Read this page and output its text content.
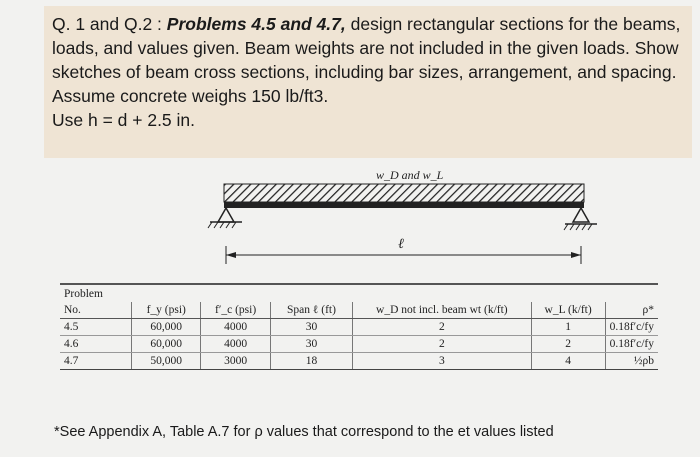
Q. 1 and Q.2 : Problems 4.5 and 4.7, design rectangular sections for the beams, loads, and values given. Beam weights are not included in the given loads. Show sketches of beam cross sections, including bar sizes, arrangement, and spacing. Assume concrete weighs 150 lb/ft3.
Use h = d + 2.5 in.
w_D and w_L
ℓ
Problem						
No.	f_y (psi)	f′_c (psi)	Span ℓ (ft)	w_D not incl. beam wt (k/ft)	w_L (k/ft)	ρ*
4.5	60,000	4000	30	2	1	0.18f′c/fy
4.6	60,000	4000	30	2	2	0.18f′c/fy
4.7	50,000	3000	18	3	4	½ρb
*See Appendix A, Table A.7 for ρ values that correspond to the et values listed
